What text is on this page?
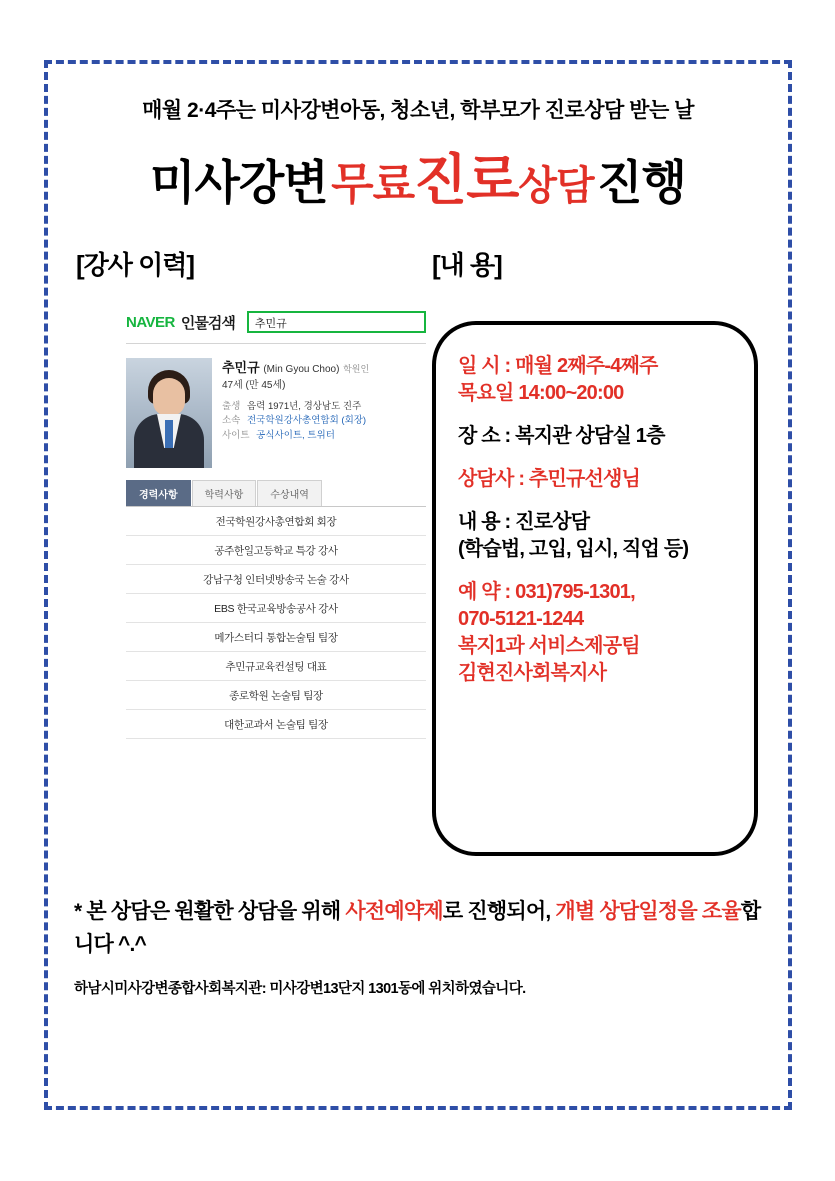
매월 2·4주는 미사강변아동, 청소년, 학부모가 진로상담 받는 날
미사강변 무료진로상담 진행
[강사 이력]	[내 용]
NAVER 인물검색	추민규
추민규 (Min Gyou Choo) 학원인
47세 (만 45세)
출생 음력 1971년, 경상남도 진주
소속 전국학원강사총연합회 (회장)
사이트 공식사이트, 트위터
경력사항	학력사항	수상내역
전국학원강사총연합회 회장
공주한일고등학교 특강 강사
강남구청 인터넷방송국 논술 강사
EBS 한국교육방송공사 강사
메가스터디 통합논술팀 팀장
추민규교육컨설팅 대표
종로학원 논술팀 팀장
대한교과서 논술팀 팀장
일 시 : 매월 2째주-4째주
목요일 14:00~20:00
장 소 : 복지관 상담실 1층
상담사 : 추민규선생님
내 용 : 진로상담
(학습법, 고입, 입시, 직업 등)
예 약 : 031)795-1301,
070-5121-1244
복지1과 서비스제공팀
김현진사회복지사
* 본 상담은 원활한 상담을 위해 사전예약제로 진행되어, 개별 상담일정을 조율합니다 ^.^
하남시미사강변종합사회복지관: 미사강변13단지 1301동에 위치하였습니다.
